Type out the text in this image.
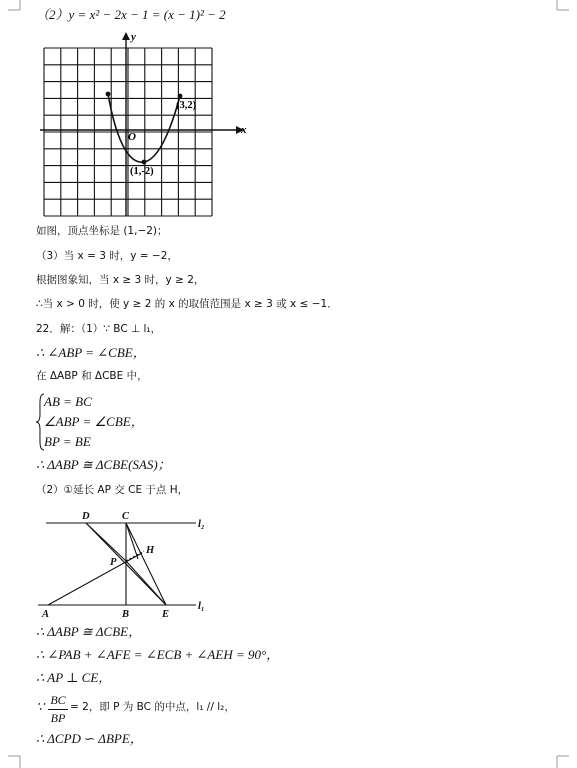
（2）y = x² − 2x − 1 = (x − 1)² − 2
y
x
O
(3,2)
(1,-2)
如图，顶点坐标是 (1,−2)；
（3）当 x = 3 时，y = −2，
根据图象知，当 x ≥ 3 时，y ≥ 2，
∴当 x > 0 时，使 y ≥ 2 的 x 的取值范围是 x ≥ 3 或 x ≤ −1．
22．解：（1）∵ BC ⊥ l₁，
∴ ∠ABP = ∠CBE，
在 ΔABP 和 ΔCBE 中，
AB = BC
∠ABP = ∠CBE，
BP = BE
∴ ΔABP ≅ ΔCBE(SAS)；
（2）①延长 AP 交 CE 于点 H，
D	C
l₂
H
P
A	B	E
l₁
∴ ΔABP ≅ ΔCBE，
∴ ∠PAB + ∠AFE = ∠ECB + ∠AEH = 90°，
∴ AP ⊥ CE，
∵ BC
BP
= 2，即 P 为 BC 的中点，l₁ // l₂，
∴ ΔCPD ∽ ΔBPE，
